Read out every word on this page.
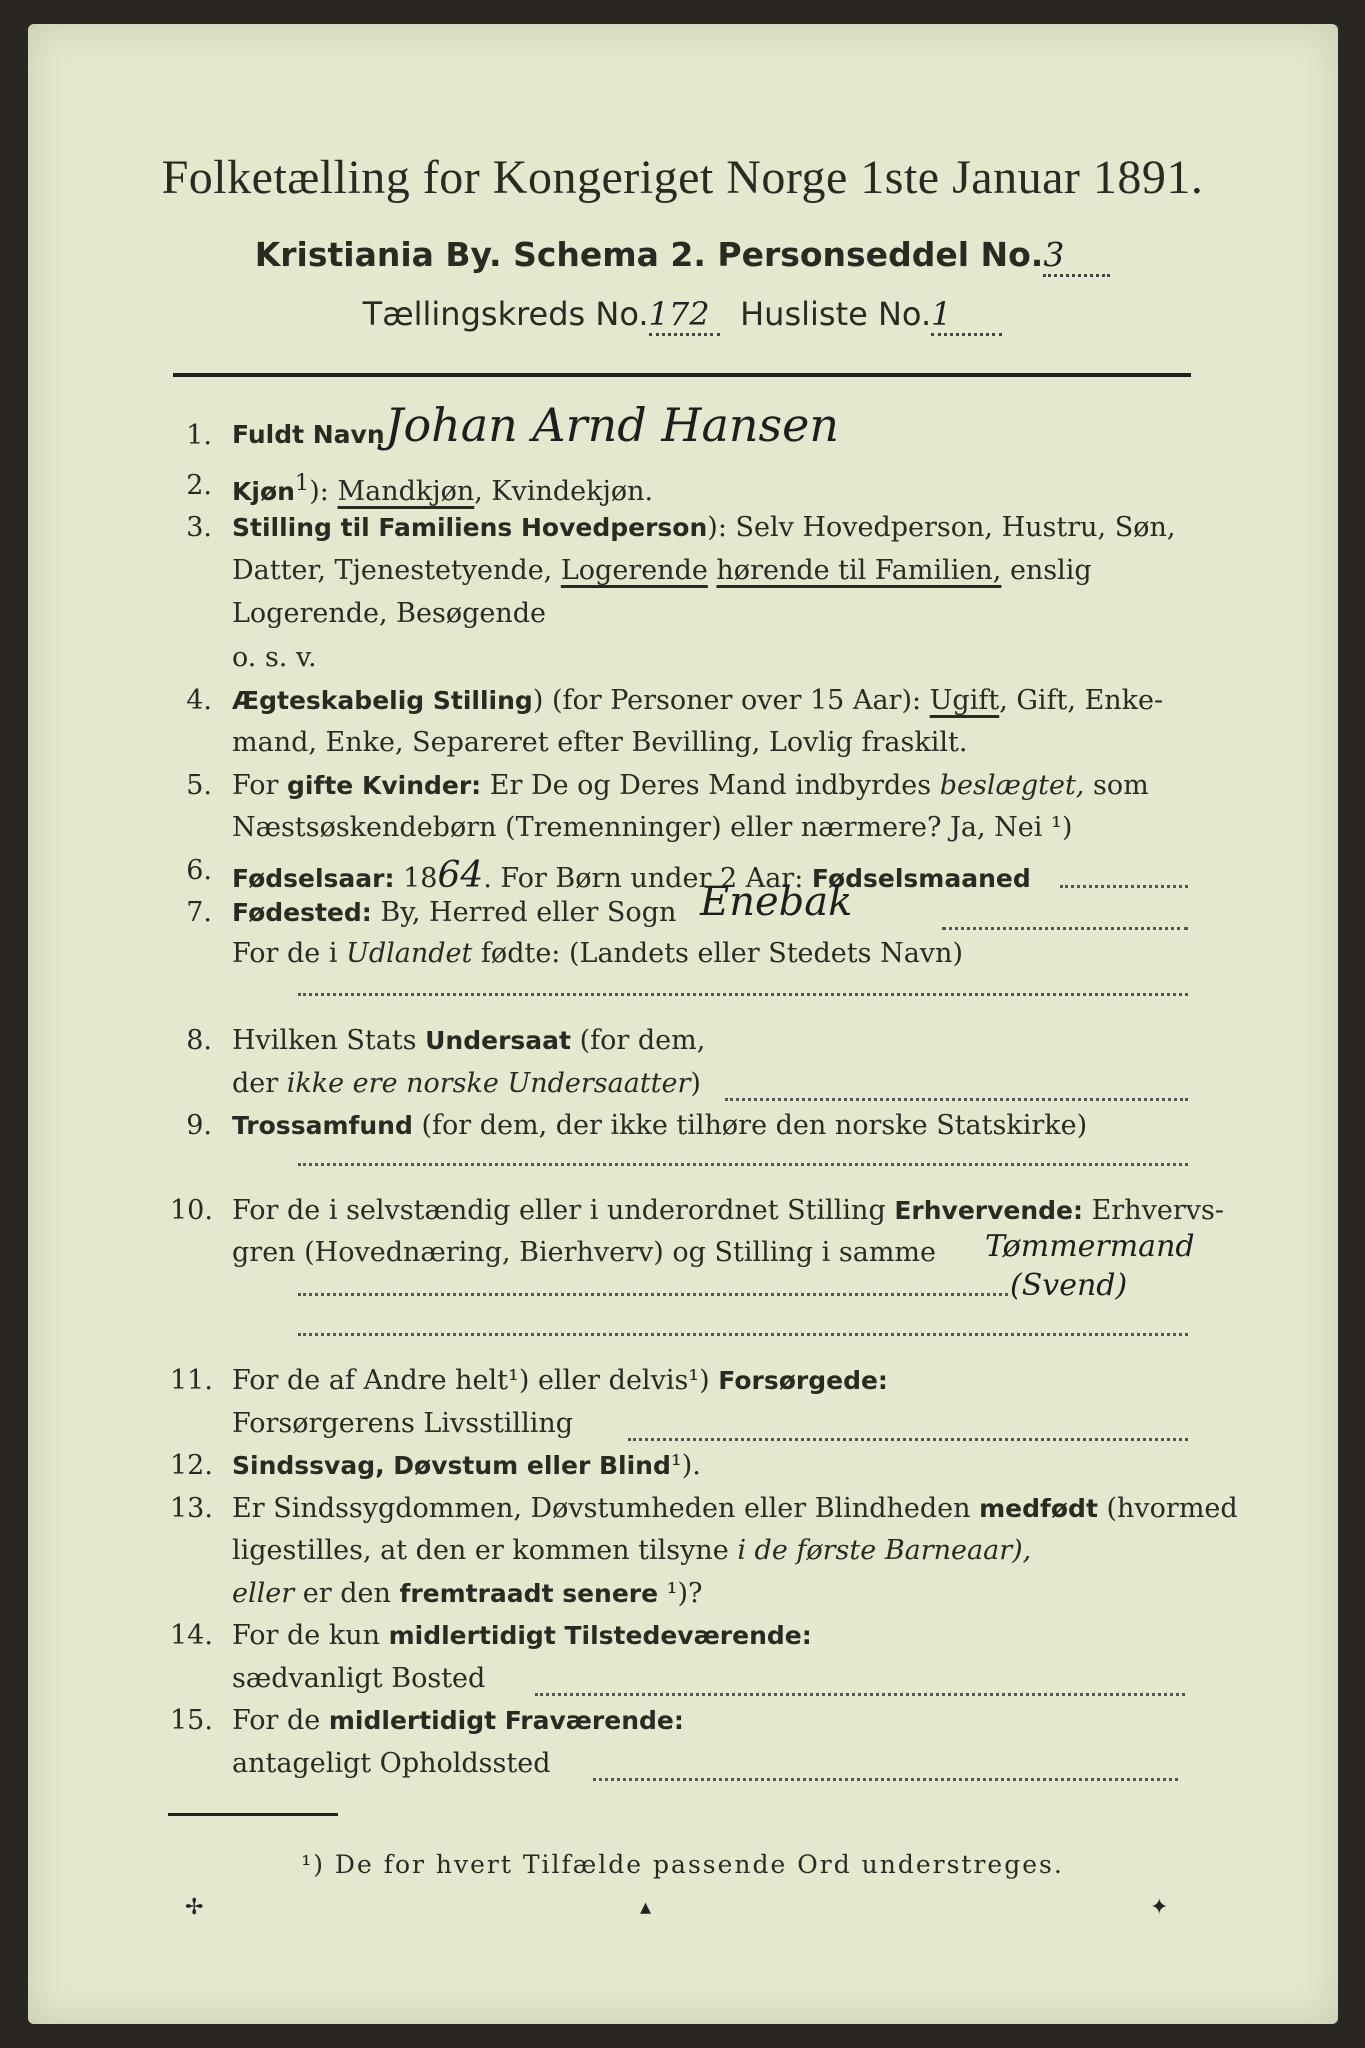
Folketælling for Kongeriget Norge 1ste Januar 1891.
Kristiania By. Schema 2. Personseddel No.3
Tællingskreds No.172 Husliste No.1
1. Fuldt Navn Johan Arnd Hansen
2. Kjøn$^1$): Mandkjøn, Kvindekjøn.
3. Stilling til Familiens Hovedperson): Selv Hovedperson, Hustru, Søn,
Datter, Tjenestetyende, Logerende hørende til Familien, enslig
Logerende, Besøgende
o. s. v.
4. Ægteskabelig Stilling) (for Personer over 15 Aar): Ugift, Gift, Enke-
mand, Enke, Separeret efter Bevilling, Lovlig fraskilt.
5. For gifte Kvinder: Er De og Deres Mand indbyrdes beslægtet, som
Næstsøskendebørn (Tremenninger) eller nærmere? Ja, Nei ¹)
6. Fødselsaar: 1864. For Børn under 2 Aar: Fødselsmaaned
7. Fødested: By, Herred eller Sogn Enebak
For de i Udlandet fødte: (Landets eller Stedets Navn)
8. Hvilken Stats Undersaat (for dem,
der ikke ere norske Undersaatter)
9. Trossamfund (for dem, der ikke tilhøre den norske Statskirke)
10. For de i selvstændig eller i underordnet Stilling Erhvervende: Erhvervs-
gren (Hovednæring, Bierhverv) og Stilling i samme Tømmermand
(Svend)
11. For de af Andre helt¹) eller delvis¹) Forsørgede:
Forsørgerens Livsstilling
12. Sindssvag, Døvstum eller Blind¹).
13. Er Sindssygdommen, Døvstumheden eller Blindheden medfødt (hvormed
ligestilles, at den er kommen tilsyne i de første Barneaar),
eller er den fremtraadt senere ¹)?
14. For de kun midlertidigt Tilstedeværende:
sædvanligt Bosted
15. For de midlertidigt Fraværende:
antageligt Opholdssted
¹) De for hvert Tilfælde passende Ord understreges.
✢	▴	✦
